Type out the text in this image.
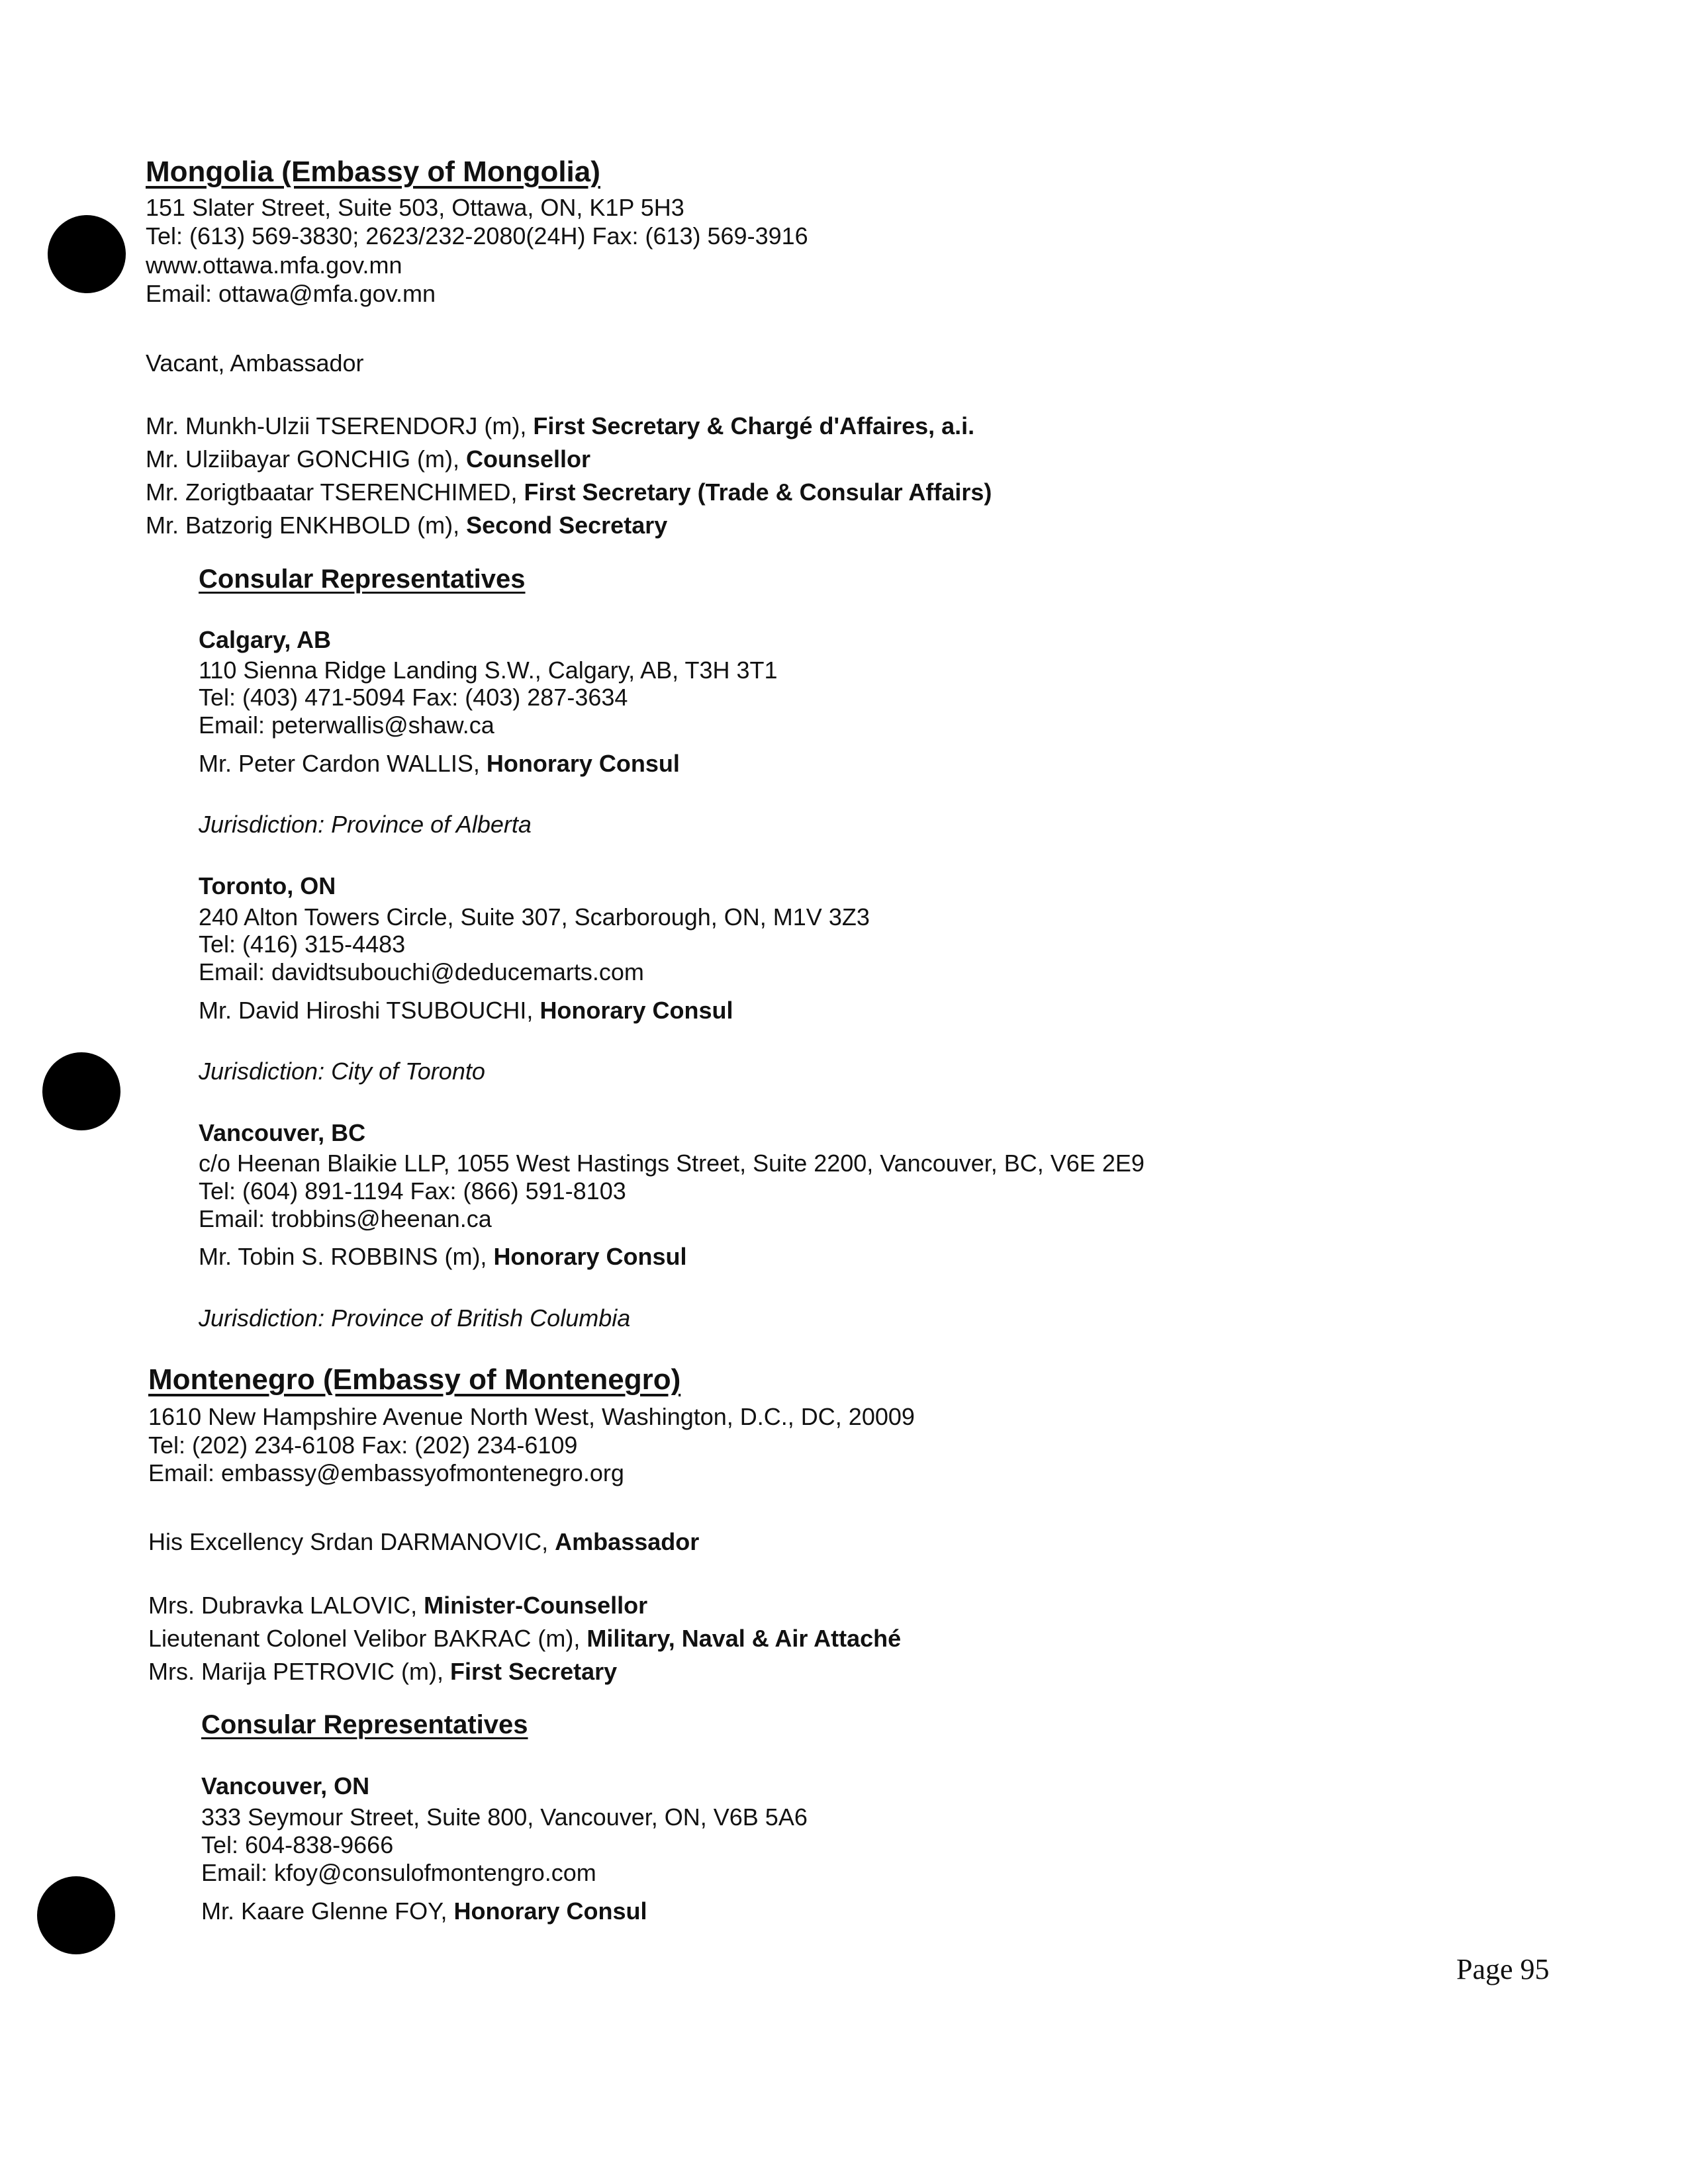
Mongolia (Embassy of Mongolia)
151 Slater Street, Suite 503, Ottawa, ON, K1P 5H3
Tel: (613) 569-3830; 2623/232-2080(24H) Fax: (613) 569-3916
www.ottawa.mfa.gov.mn
Email: ottawa@mfa.gov.mn
Vacant, Ambassador
Mr. Munkh-Ulzii TSERENDORJ (m), First Secretary & Chargé d'Affaires, a.i.
Mr. Ulziibayar GONCHIG (m), Counsellor
Mr. Zorigtbaatar TSERENCHIMED, First Secretary (Trade & Consular Affairs)
Mr. Batzorig ENKHBOLD (m), Second Secretary
Consular Representatives
Calgary, AB
110 Sienna Ridge Landing S.W., Calgary, AB, T3H 3T1
Tel: (403) 471-5094 Fax: (403) 287-3634
Email: peterwallis@shaw.ca
Mr. Peter Cardon WALLIS, Honorary Consul
Jurisdiction: Province of Alberta
Toronto, ON
240 Alton Towers Circle, Suite 307, Scarborough, ON, M1V 3Z3
Tel: (416) 315-4483
Email: davidtsubouchi@deducemarts.com
Mr. David Hiroshi TSUBOUCHI, Honorary Consul
Jurisdiction: City of Toronto
Vancouver, BC
c/o Heenan Blaikie LLP, 1055 West Hastings Street, Suite 2200, Vancouver, BC, V6E 2E9
Tel: (604) 891-1194 Fax: (866) 591-8103
Email: trobbins@heenan.ca
Mr. Tobin S. ROBBINS (m), Honorary Consul
Jurisdiction: Province of British Columbia
Montenegro (Embassy of Montenegro)
1610 New Hampshire Avenue North West, Washington, D.C., DC, 20009
Tel: (202) 234-6108 Fax: (202) 234-6109
Email: embassy@embassyofmontenegro.org
His Excellency Srdan DARMANOVIC, Ambassador
Mrs. Dubravka LALOVIC, Minister-Counsellor
Lieutenant Colonel Velibor BAKRAC (m), Military, Naval & Air Attaché
Mrs. Marija PETROVIC (m), First Secretary
Consular Representatives
Vancouver, ON
333 Seymour Street, Suite 800, Vancouver, ON, V6B 5A6
Tel: 604-838-9666
Email: kfoy@consulofmontengro.com
Mr. Kaare Glenne FOY, Honorary Consul
Page 95
